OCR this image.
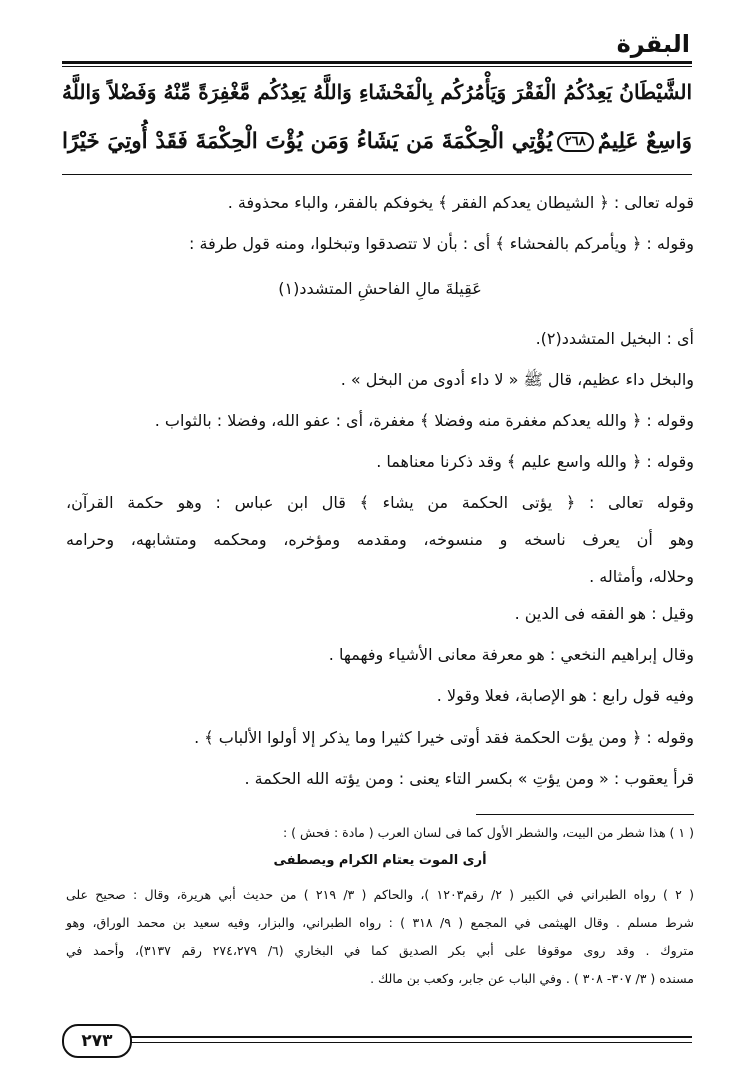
البقرة
الشَّيْطَانُ يَعِدُكُمُ الْفَقْرَ وَيَأْمُرُكُم بِالْفَحْشَاءِ وَاللَّهُ يَعِدُكُم مَّغْفِرَةً مِّنْهُ وَفَضْلاً وَاللَّهُ
وَاسِعٌ عَلِيمٌ٢٦٨يُؤْتِي الْحِكْمَةَ مَن يَشَاءُ وَمَن يُؤْتَ الْحِكْمَةَ فَقَدْ أُوتِيَ خَيْرًا
قوله تعالى : ﴿ الشيطان يعدكم الفقر ﴾ يخوفكم بالفقر، والباء محذوفة .
وقوله : ﴿ ويأمركم بالفحشاء ﴾ أى : بأن لا تتصدقوا وتبخلوا، ومنه قول طرفة :
عَقِيلةَ مالِ الفاحشِ المتشدد(١)
أى : البخيل المتشدد(٢).
والبخل داء عظيم، قال ﷺ « لا داء أدوى من البخل » .
وقوله : ﴿ والله يعدكم مغفرة منه وفضلا ﴾ مغفرة، أى : عفو الله، وفضلا : بالثواب .
وقوله : ﴿ والله واسع عليم ﴾ وقد ذكرنا معناهما .
وقوله تعالى : ﴿ يؤتى الحكمة من يشاء ﴾ قال ابن عباس : وهو حكمة القرآن،
وهو أن يعرف ناسخه و منسوخه، ومقدمه ومؤخره، ومحكمه ومتشابهه، وحرامه
وحلاله، وأمثاله .
وقيل : هو الفقه فى الدين .
وقال إبراهيم النخعي : هو معرفة معانى الأشياء وفهمها .
وفيه قول رابع : هو الإصابة، فعلا وقولا .
وقوله : ﴿ ومن يؤت الحكمة فقد أوتى خيرا كثيرا وما يذكر إلا أولوا الألباب ﴾ .
قرأ يعقوب : « ومن يؤتِ » بكسر التاء يعنى : ومن يؤته الله الحكمة .
( ١ ) هذا شطر من البيت، والشطر الأول كما فى لسان العرب ( مادة : فحش ) :
أرى الموت يعتام الكرام ويصطفى
( ٢ ) رواه الطبراني في الكبير ( ٢/ رقم١٢٠٣ )، والحاكم ( ٣/ ٢١٩ ) من حديث أبي هريرة، وقال : صحيح على
شرط مسلم . وقال الهيثمى في المجمع ( ٩/ ٣١٨ ) : رواه الطبراني، والبزار، وفيه سعيد بن محمد الوراق، وهو
متروك . وقد روى موقوفا على أبي بكر الصديق كما في البخاري (٦/ ٢٧٤،٢٧٩ رقم ٣١٣٧)، وأحمد في
مسنده ( ٣/ ٣٠٧- ٣٠٨ ) . وفي الباب عن جابر، وكعب بن مالك .
٢٧٣
